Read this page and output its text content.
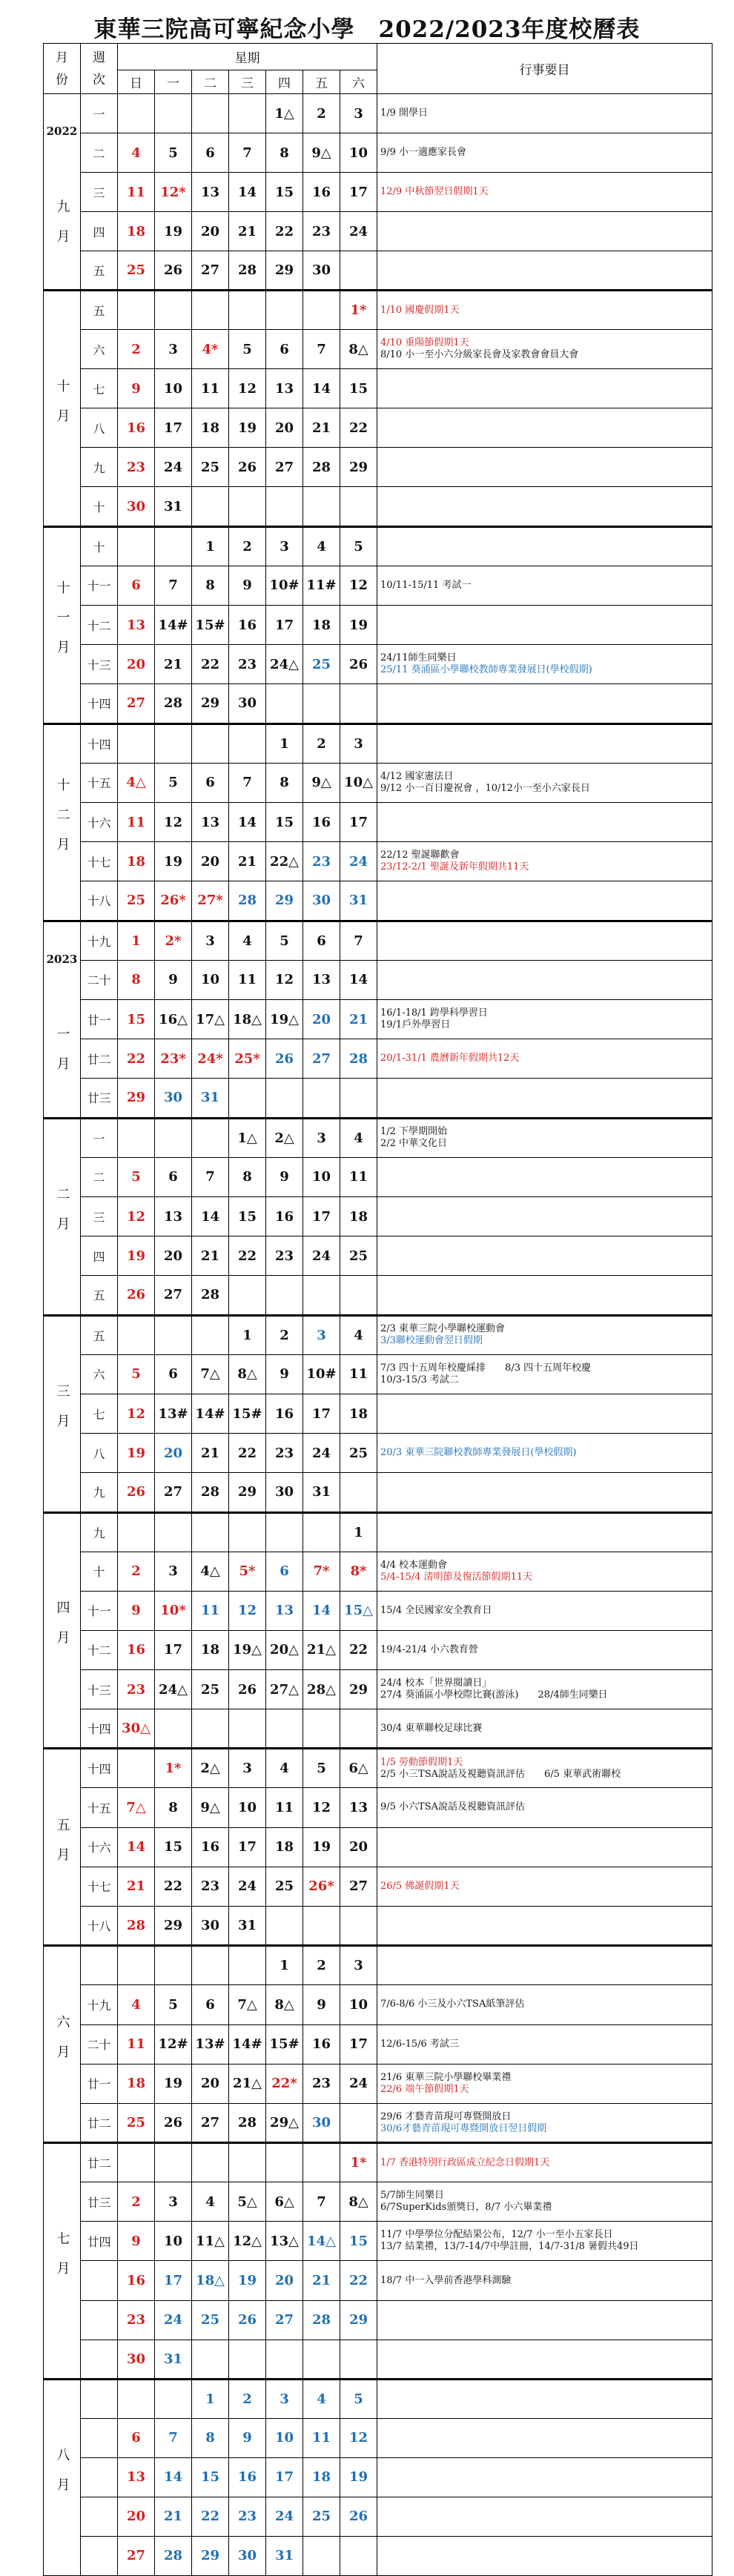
東華三院高可寧紀念小學　2022/2023年度校曆表
月
份	週
次	星期							行事要目
		日	一	二	三	四	五	六	

2022
九月	一					1△	2	3	1/9 開學日

	二	4	5	6	7	8	9△	10	9/9 小一適應家長會

	三	11	12*	13	14	15	16	17	12/9 中秋節翌日假期1天

	四	18	19	20	21	22	23	24	
	五	25	26	27	28	29	30		

十月	五							1*	1/10 國慶假期1天

	六	2	3	4*	5	6	7	8△	4/10 重陽節假期1天
8/10 小一至小六分級家長會及家教會會員大會

	七	9	10	11	12	13	14	15	
	八	16	17	18	19	20	21	22	
	九	23	24	25	26	27	28	29	
	十	30	31						

十一月	十			1	2	3	4	5	
	十一	6	7	8	9	10#	11#	12	10/11-15/11 考試一

	十二	13	14#	15#	16	17	18	19	
	十三	20	21	22	23	24△	25	26	24/11師生同樂日
25/11 葵涌區小學聯校教師專業發展日(學校假期)

	十四	27	28	29	30				

十二月	十四					1	2	3	
	十五	4△	5	6	7	8	9△	10△	4/12 國家憲法日
9/12 小一百日慶祝會 ，10/12小一至小六家長日

	十六	11	12	13	14	15	16	17	
	十七	18	19	20	21	22△	23	24	22/12 聖誕聯歡會
23/12-2/1 聖誕及新年假期共11天

	十八	25	26*	27*	28	29	30	31	

2023
一月	十九	1	2*	3	4	5	6	7	
	二十	8	9	10	11	12	13	14	
	廿一	15	16△	17△	18△	19△	20	21	16/1-18/1 跨學科學習日
19/1戶外學習日

	廿二	22	23*	24*	25*	26	27	28	20/1-31/1 農曆新年假期共12天

	廿三	29	30	31					

二月	一				1△	2△	3	4	1/2 下學期開始
2/2 中華文化日

	二	5	6	7	8	9	10	11	
	三	12	13	14	15	16	17	18	
	四	19	20	21	22	23	24	25	
	五	26	27	28					

三月	五				1	2	3	4	2/3 東華三院小學聯校運動會
3/3聯校運動會翌日假期

	六	5	6	7△	8△	9	10#	11	7/3 四十五周年校慶綵排　　8/3 四十五周年校慶
10/3-15/3 考試二

	七	12	13#	14#	15#	16	17	18	
	八	19	20	21	22	23	24	25	20/3 東華三院聯校教師專業發展日(學校假期)

	九	26	27	28	29	30	31		

四月	九							1	
	十	2	3	4△	5*	6	7*	8*	4/4 校本運動會
5/4-15/4 清明節及復活節假期11天

	十一	9	10*	11	12	13	14	15△	15/4 全民國家安全教育日

	十二	16	17	18	19△	20△	21△	22	19/4-21/4 小六教育營

	十三	23	24△	25	26	27△	28△	29	24/4 校本「世界閱讀日」
27/4 葵涌區小學校際比賽(游泳)　　28/4師生同樂日

	十四	30△							30/4 東華聯校足球比賽

五月	十四		1*	2△	3	4	5	6△	1/5 勞動節假期1天
2/5 小三TSA說話及視聽資訊評估　　6/5 東華武術聯校

	十五	7△	8	9△	10	11	12	13	9/5 小六TSA說話及視聽資訊評估

	十六	14	15	16	17	18	19	20	
	十七	21	22	23	24	25	26*	27	26/5 佛誕假期1天

	十八	28	29	30	31				

六月						1	2	3	
	十九	4	5	6	7△	8△	9	10	7/6-8/6 小三及小六TSA紙筆評估

	二十	11	12#	13#	14#	15#	16	17	12/6-15/6 考試三

	廿一	18	19	20	21△	22*	23	24	21/6 東華三院小學聯校畢業禮
22/6 端午節假期1天

	廿二	25	26	27	28	29△	30		29/6 才藝青苗現可專暨開放日
30/6才藝青苗現可專暨開放日翌日假期

七月	廿二							1*	1/7 香港特別行政區成立紀念日假期1天

	廿三	2	3	4	5△	6△	7	8△	5/7師生同樂日
6/7SuperKids頒獎日，8/7 小六畢業禮

	廿四	9	10	11△	12△	13△	14△	15	11/7 中學學位分配結果公布，12/7 小一至小五家長日
13/7 結業禮，13/7-14/7中學註冊，14/7-31/8 暑假共49日

		16	17	18△	19	20	21	22	18/7 中一入學前香港學科測驗

		23	24	25	26	27	28	29	
		30	31						

八月				1	2	3	4	5	
		6	7	8	9	10	11	12	
		13	14	15	16	17	18	19	
		20	21	22	23	24	25	26	
		27	28	29	30	31			
